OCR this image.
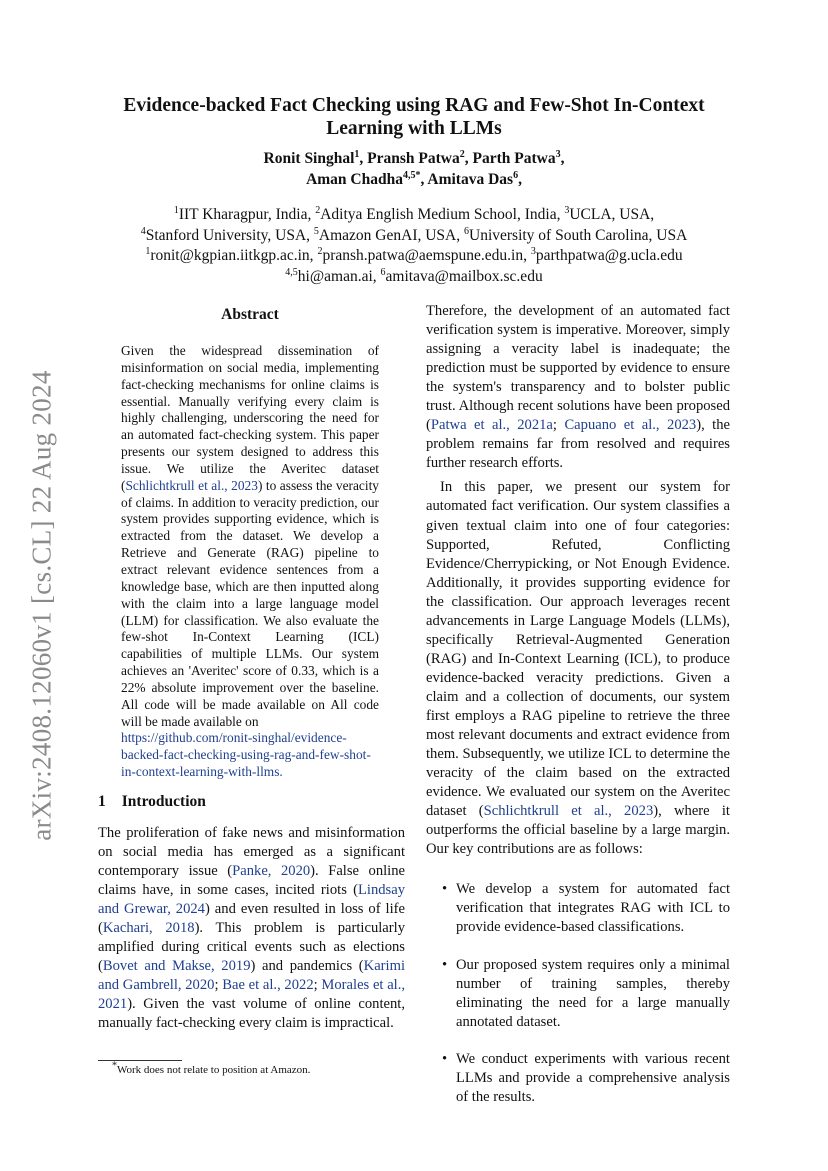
arXiv:2408.12060v1 [cs.CL] 22 Aug 2024
Evidence-backed Fact Checking using RAG and Few-Shot In-Context Learning with LLMs
Ronit Singhal$^1$, Pransh Patwa$^2$, Parth Patwa$^3$,
Aman Chadha$^{4,5*}$, Amitava Das$^6$,
$^1$IIT Kharagpur, India, $^2$Aditya English Medium School, India, $^3$UCLA, USA,
$^4$Stanford University, USA, $^5$Amazon GenAI, USA, $^6$University of South Carolina, USA
$^1$ronit@kgpian.iitkgp.ac.in, $^2$pransh.patwa@aemspune.edu.in, $^3$parthpatwa@g.ucla.edu
$^{4,5}$hi@aman.ai, $^6$amitava@mailbox.sc.edu
Abstract
Given the widespread dissemination of misinformation on social media, implementing fact-checking mechanisms for online claims is essential. Manually verifying every claim is highly challenging, underscoring the need for an automated fact-checking system. This paper presents our system designed to address this issue. We utilize the Averitec dataset (Schlichtkrull et al., 2023) to assess the veracity of claims. In addition to veracity prediction, our system provides supporting evidence, which is extracted from the dataset. We develop a Retrieve and Generate (RAG) pipeline to extract relevant evidence sentences from a knowledge base, which are then inputted along with the claim into a large language model (LLM) for classification. We also evaluate the few-shot In-Context Learning (ICL) capabilities of multiple LLMs. Our system achieves an 'Averitec' score of 0.33, which is a 22% absolute improvement over the baseline. All code will be made available on All code will be made available on
https://github.com/ronit-singhal/evidence-backed-fact-checking-using-rag-and-few-shot-in-context-learning-with-llms.
1 Introduction
The proliferation of fake news and misinformation on social media has emerged as a significant contemporary issue (Panke, 2020). False online claims have, in some cases, incited riots (Lindsay and Grewar, 2024) and even resulted in loss of life (Kachari, 2018). This problem is particularly amplified during critical events such as elections (Bovet and Makse, 2019) and pandemics (Karimi and Gambrell, 2020; Bae et al., 2022; Morales et al., 2021). Given the vast volume of online content, manually fact-checking every claim is impractical.
*Work does not relate to position at Amazon.

Therefore, the development of an automated fact verification system is imperative. Moreover, simply assigning a veracity label is inadequate; the prediction must be supported by evidence to ensure the system's transparency and to bolster public trust. Although recent solutions have been proposed (Patwa et al., 2021a; Capuano et al., 2023), the problem remains far from resolved and requires further research efforts.

In this paper, we present our system for automated fact verification. Our system classifies a given textual claim into one of four categories: Supported, Refuted, Conflicting Evidence/Cherrypicking, or Not Enough Evidence. Additionally, it provides supporting evidence for the classification. Our approach leverages recent advancements in Large Language Models (LLMs), specifically Retrieval-Augmented Generation (RAG) and In-Context Learning (ICL), to produce evidence-backed veracity predictions. Given a claim and a collection of documents, our system first employs a RAG pipeline to retrieve the three most relevant documents and extract evidence from them. Subsequently, we utilize ICL to determine the veracity of the claim based on the extracted evidence. We evaluated our system on the Averitec dataset (Schlichtkrull et al., 2023), where it outperforms the official baseline by a large margin. Our key contributions are as follows:

• We develop a system for automated fact verification that integrates RAG with ICL to provide evidence-based classifications.
• Our proposed system requires only a minimal number of training samples, thereby eliminating the need for a large manually annotated dataset.
• We conduct experiments with various recent LLMs and provide a comprehensive analysis of the results.
